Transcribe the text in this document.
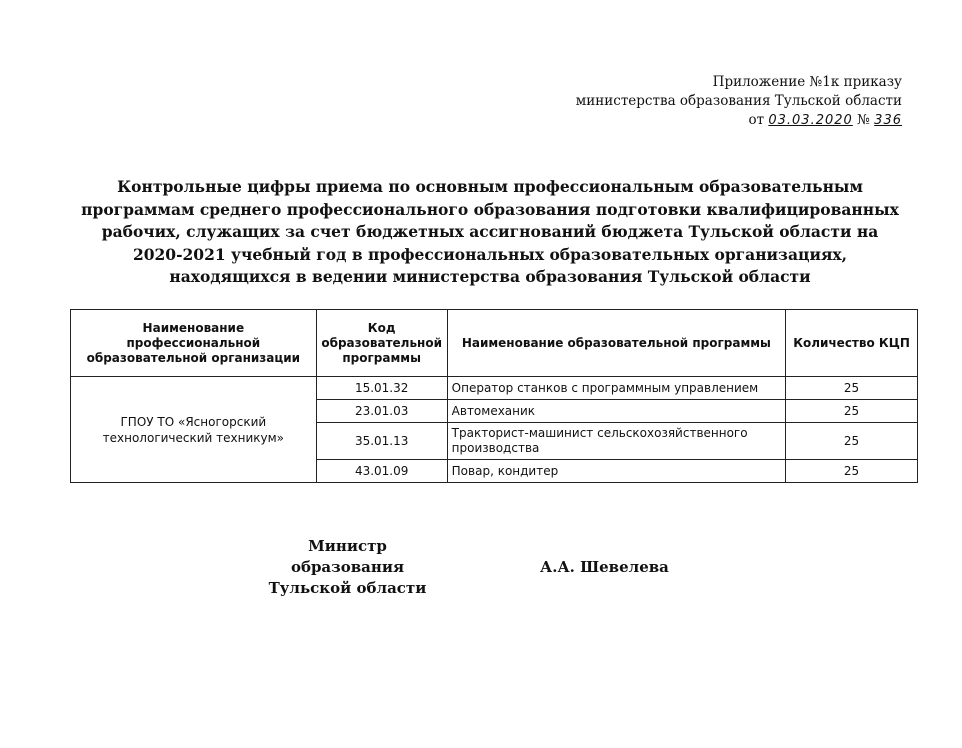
Приложение №1к приказу
министерства образования Тульской области
от 03.03.2020 № 336
Контрольные цифры приема по основным профессиональным образовательным программам среднего профессионального образования подготовки квалифицированных рабочих, служащих за счет бюджетных ассигнований бюджета Тульской области на 2020-2021 учебный год в профессиональных образовательных организациях, находящихся в ведении министерства образования Тульской области
Наименование профессиональной образовательной организации	Код образовательной программы	Наименование образовательной программы	Количество КЦП
ГПОУ ТО «Ясногорский технологический техникум»	15.01.32	Оператор станков с программным управлением	25
	23.01.03	Автомеханик	25
	35.01.13	Тракторист-машинист сельскохозяйственного производства	25
	43.01.09	Повар, кондитер	25
Министр образования
Тульской области
А.А. Шевелева
